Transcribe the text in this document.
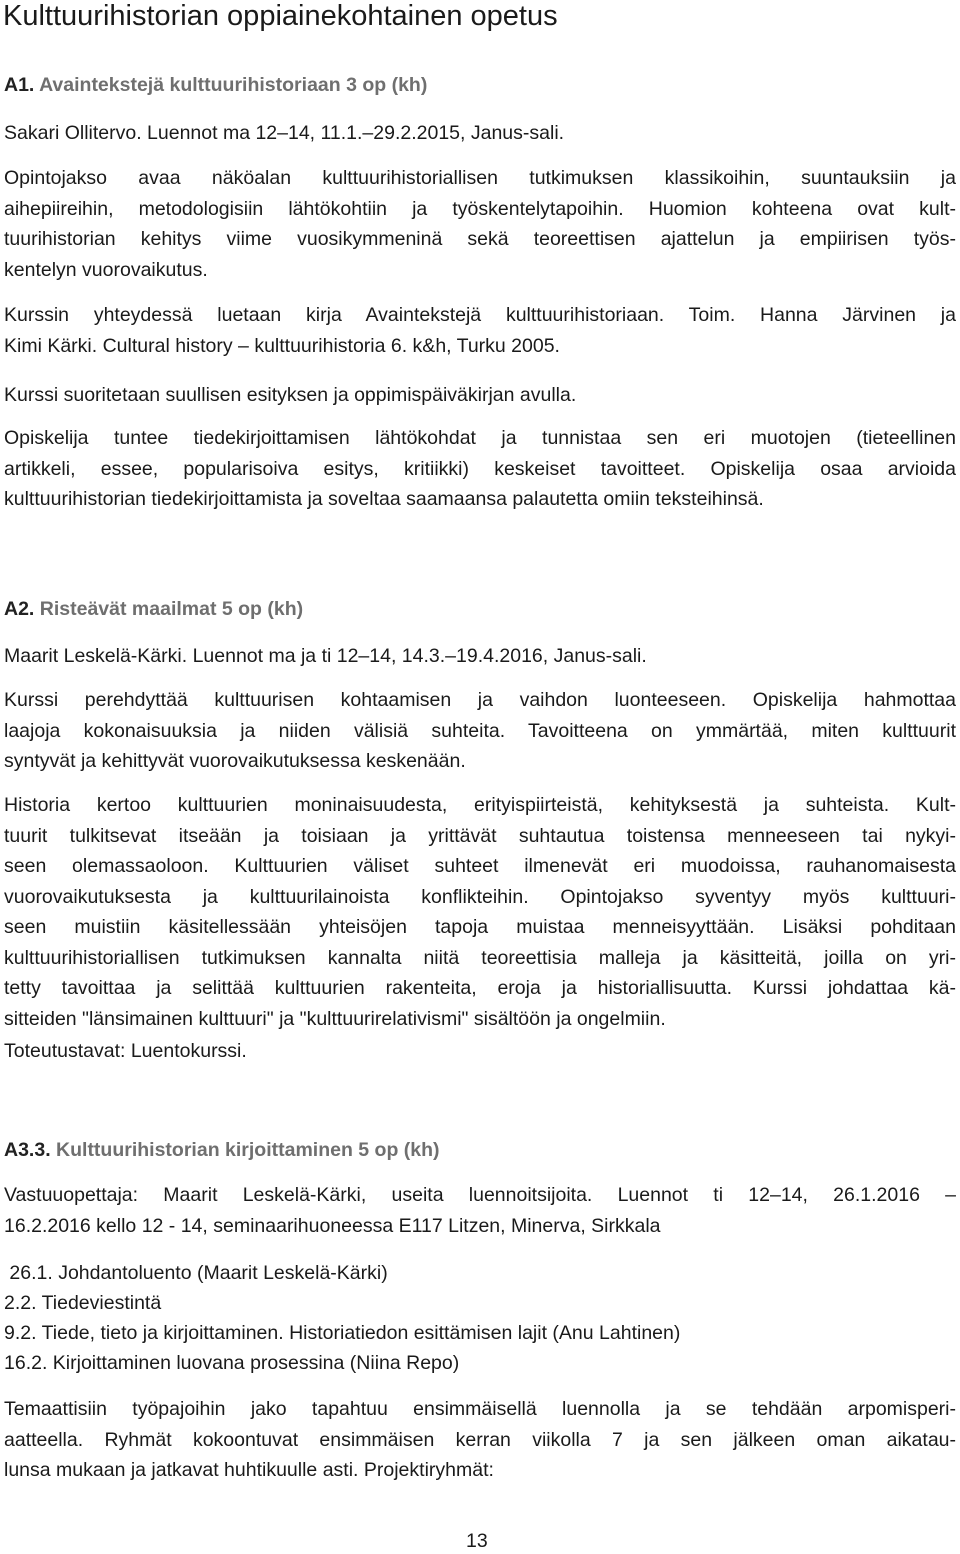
Kulttuurihistorian oppiainekohtainen opetus
A1. Avaintekstejä kulttuurihistoriaan 3 op (kh)

Sakari Ollitervo. Luennot ma 12–14, 11.1.–29.2.2015, Janus-sali.

Opintojakso avaa näköalan kulttuurihistoriallisen tutkimuksen klassikoihin, suuntauksiin ja
aihepiireihin, metodologisiin lähtökohtiin ja työskentelytapoihin. Huomion kohteena ovat kult-
tuurihistorian kehitys viime vuosikymmeninä sekä teoreettisen ajattelun ja empiirisen työs-
kentelyn vuorovaikutus.

Kurssin yhteydessä luetaan kirja Avaintekstejä kulttuurihistoriaan. Toim. Hanna Järvinen ja
Kimi Kärki. Cultural history – kulttuurihistoria 6. k&h, Turku 2005.

Kurssi suoritetaan suullisen esityksen ja oppimispäiväkirjan avulla.

Opiskelija tuntee tiedekirjoittamisen lähtökohdat ja tunnistaa sen eri muotojen (tieteellinen
artikkeli, essee, popularisoiva esitys, kritiikki) keskeiset tavoitteet. Opiskelija osaa arvioida
kulttuurihistorian tiedekirjoittamista ja soveltaa saamaansa palautetta omiin teksteihinsä.

A2. Risteävät maailmat 5 op (kh)

Maarit Leskelä-Kärki. Luennot ma ja ti 12–14, 14.3.–19.4.2016, Janus-sali.

Kurssi perehdyttää kulttuurisen kohtaamisen ja vaihdon luonteeseen. Opiskelija hahmottaa
laajoja kokonaisuuksia ja niiden välisiä suhteita. Tavoitteena on ymmärtää, miten kulttuurit
syntyvät ja kehittyvät vuorovaikutuksessa keskenään.

Historia kertoo kulttuurien moninaisuudesta, erityispiirteistä, kehityksestä ja suhteista. Kult-
tuurit tulkitsevat itseään ja toisiaan ja yrittävät suhtautua toistensa menneeseen tai nykyi-
seen olemassaoloon. Kulttuurien väliset suhteet ilmenevät eri muodoissa, rauhanomaisesta
vuorovaikutuksesta ja kulttuurilainoista konflikteihin. Opintojakso syventyy myös kulttuuri-
seen muistiin käsitellessään yhteisöjen tapoja muistaa menneisyyttään. Lisäksi pohditaan
kulttuurihistoriallisen tutkimuksen kannalta niitä teoreettisia malleja ja käsitteitä, joilla on yri-
tetty tavoittaa ja selittää kulttuurien rakenteita, eroja ja historiallisuutta. Kurssi johdattaa kä-
sitteiden "länsimainen kulttuuri" ja "kulttuurirelativismi" sisältöön ja ongelmiin.

Toteutustavat: Luentokurssi.

A3.3. Kulttuurihistorian kirjoittaminen 5 op (kh)

Vastuuopettaja: Maarit Leskelä-Kärki, useita luennoitsijoita. Luennot ti 12–14, 26.1.2016 –
16.2.2016 kello 12 - 14, seminaarihuoneessa E117 Litzen, Minerva, Sirkkala

26.1. Johdantoluento (Maarit Leskelä-Kärki)
2.2. Tiedeviestintä
9.2. Tiede, tieto ja kirjoittaminen. Historiatiedon esittämisen lajit (Anu Lahtinen)
16.2. Kirjoittaminen luovana prosessina (Niina Repo)

Temaattisiin työpajoihin jako tapahtuu ensimmäisellä luennolla ja se tehdään arpomisperi-
aatteella. Ryhmät kokoontuvat ensimmäisen kerran viikolla 7 ja sen jälkeen oman aikatau-
lunsa mukaan ja jatkavat huhtikuulle asti. Projektiryhmät:

13
